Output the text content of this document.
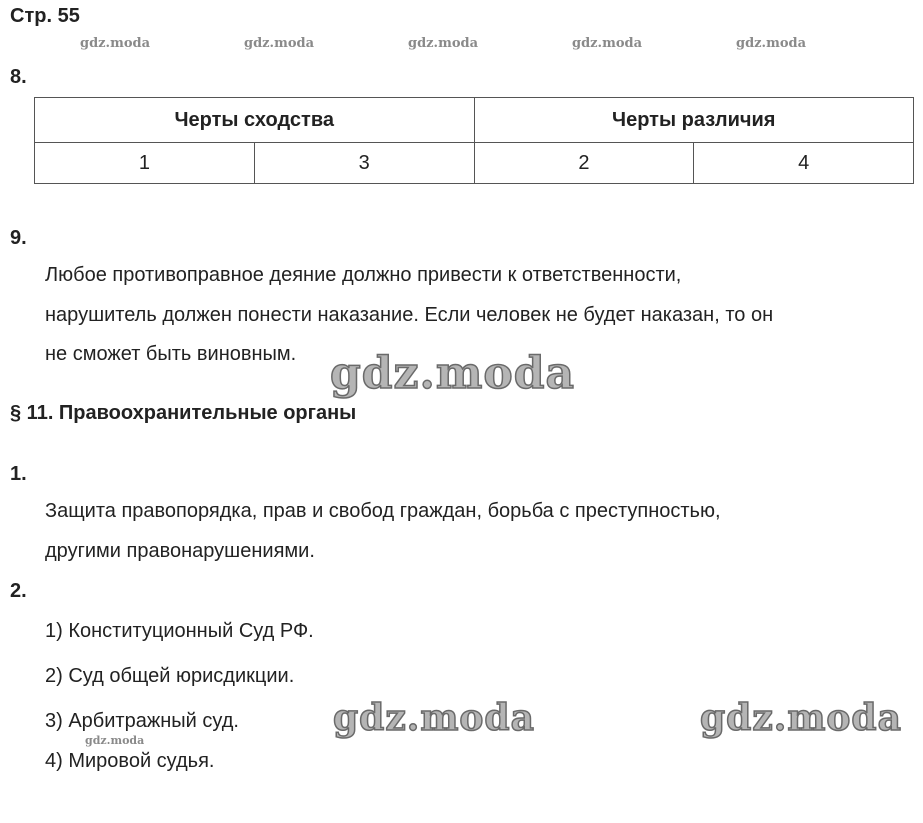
Стр. 55
gdz.moda	gdz.moda	gdz.moda	gdz.moda	gdz.moda
8.
Черты сходства		Черты различия	
1	3	2	4
9.
Любое противоправное деяние должно привести к ответственности,
нарушитель должен понести наказание. Если человек не будет наказан, то он
не сможет быть виновным. gdz.moda
§ 11. Правоохранительные органы
1.
Защита правопорядка, прав и свобод граждан, борьба с преступностью,
другими правонарушениями.
2.
1) Конституционный Суд РФ.
2) Суд общей юрисдикции.
3) Арбитражный суд.
4) Мировой судья.
gdz.moda	gdz.moda
gdz.moda
